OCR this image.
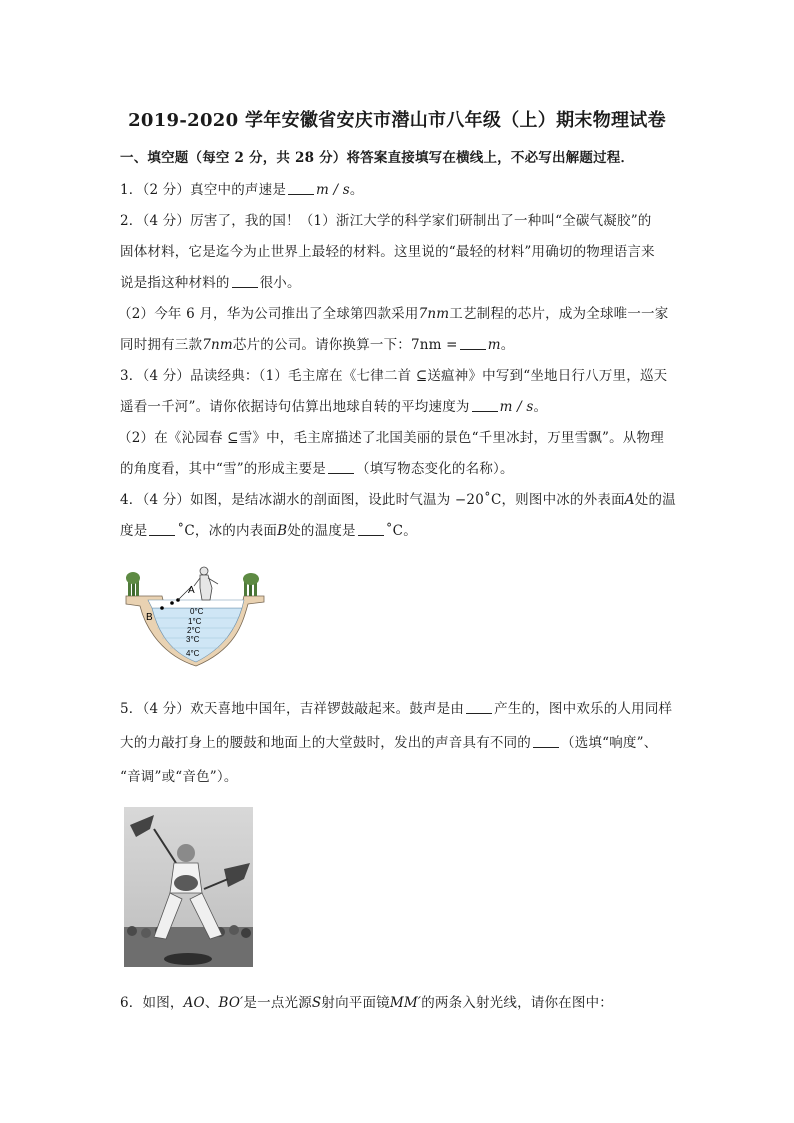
2019-2020 学年安徽省安庆市潜山市八年级（上）期末物理试卷
一、填空题（每空 2 分，共 28 分）将答案直接填写在横线上，不必写出解题过程．
1．（2 分）真空中的声速是 m / s。
2．（4 分）厉害了，我的国！（1）浙江大学的科学家们研制出了一种叫“全碳气凝胶”的
固体材料，它是迄今为止世界上最轻的材料。这里说的“最轻的材料”用确切的物理语言来
说是指这种材料的 很小。
（2）今年 6 月，华为公司推出了全球第四款采用7nm工艺制程的芯片，成为全球唯一一家
同时拥有三款7nm芯片的公司。请你换算一下：7nm = m。
3．（4 分）品读经典：（1）毛主席在《七律二首 ⊆送瘟神》中写到“坐地日行八万里，巡天
遥看一千河”。请你依据诗句估算出地球自转的平均速度为 m / s。
（2）在《沁园春 ⊆雪》中，毛主席描述了北国美丽的景色“千里冰封，万里雪飘”。从物理
的角度看，其中“雪”的形成主要是 （填写物态变化的名称）。
4．（4 分）如图，是结冰湖水的剖面图，设此时气温为 −20˚C，则图中冰的外表面A处的温
度是 ˚C，冰的内表面B处的温度是 ˚C。
A
B
0°C
1°C
2°C
3°C
4°C
5．（4 分）欢天喜地中国年，吉祥锣鼓敲起来。鼓声是由 产生的，图中欢乐的人用同样
大的力敲打身上的腰鼓和地面上的大堂鼓时，发出的声音具有不同的 （选填“响度”、
“音调”或“音色”）。
6．如图，AO、BO′是一点光源S射向平面镜MM′的两条入射光线，请你在图中：
